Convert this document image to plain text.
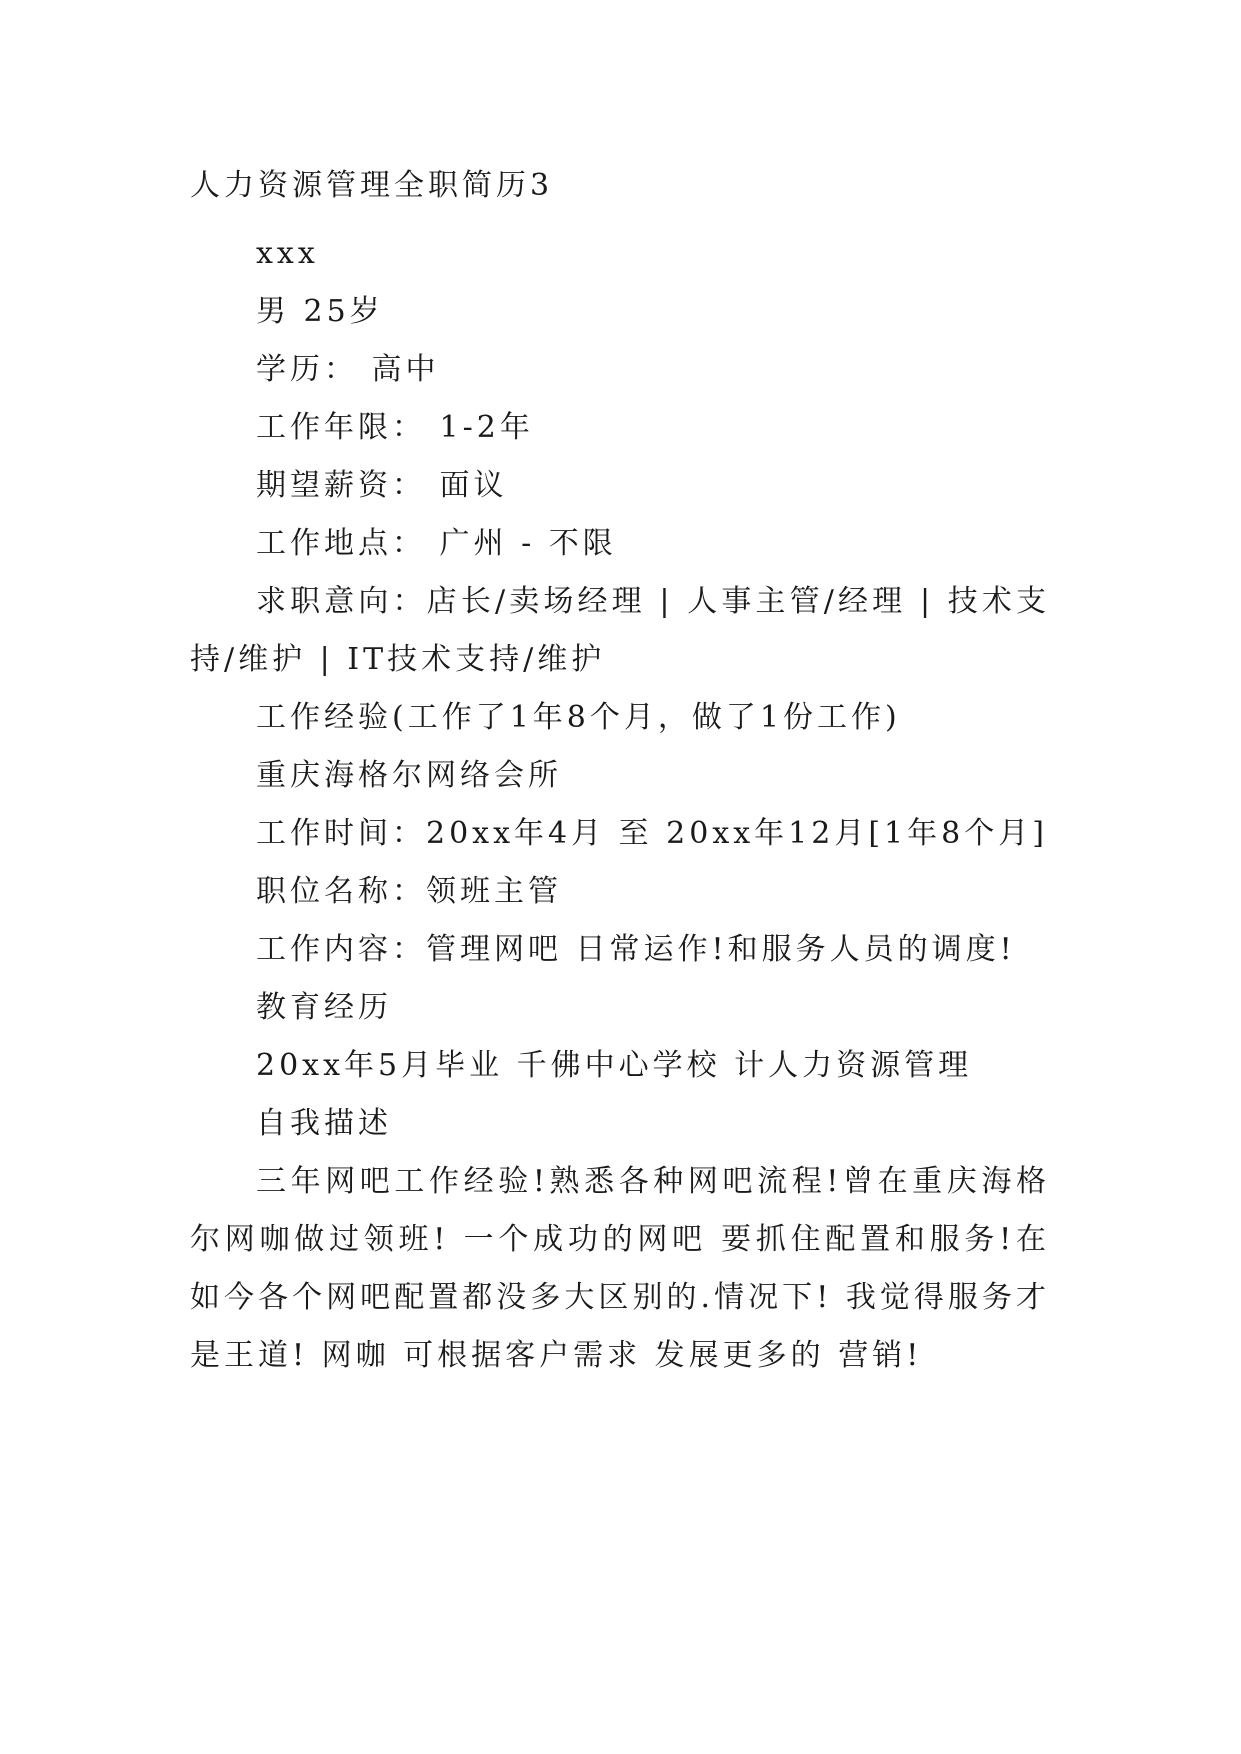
人力资源管理全职简历3

xxx

男 25岁

学历： 高中

工作年限： 1-2年

期望薪资： 面议

工作地点： 广州 - 不限

求职意向：店长/卖场经理 | 人事主管/经理 | 技术支持/维护 | IT技术支持/维护

工作经验(工作了1年8个月，做了1份工作)

重庆海格尔网络会所

工作时间：20xx年4月 至 20xx年12月[1年8个月]

职位名称：领班主管

工作内容：管理网吧 日常运作!和服务人员的调度!

教育经历

20xx年5月毕业 千佛中心学校 计人力资源管理

自我描述

三年网吧工作经验!熟悉各种网吧流程!曾在重庆海格尔网咖做过领班! 一个成功的网吧 要抓住配置和服务!在如今各个网吧配置都没多大区别的.情况下! 我觉得服务才是王道! 网咖 可根据客户需求 发展更多的 营销!
